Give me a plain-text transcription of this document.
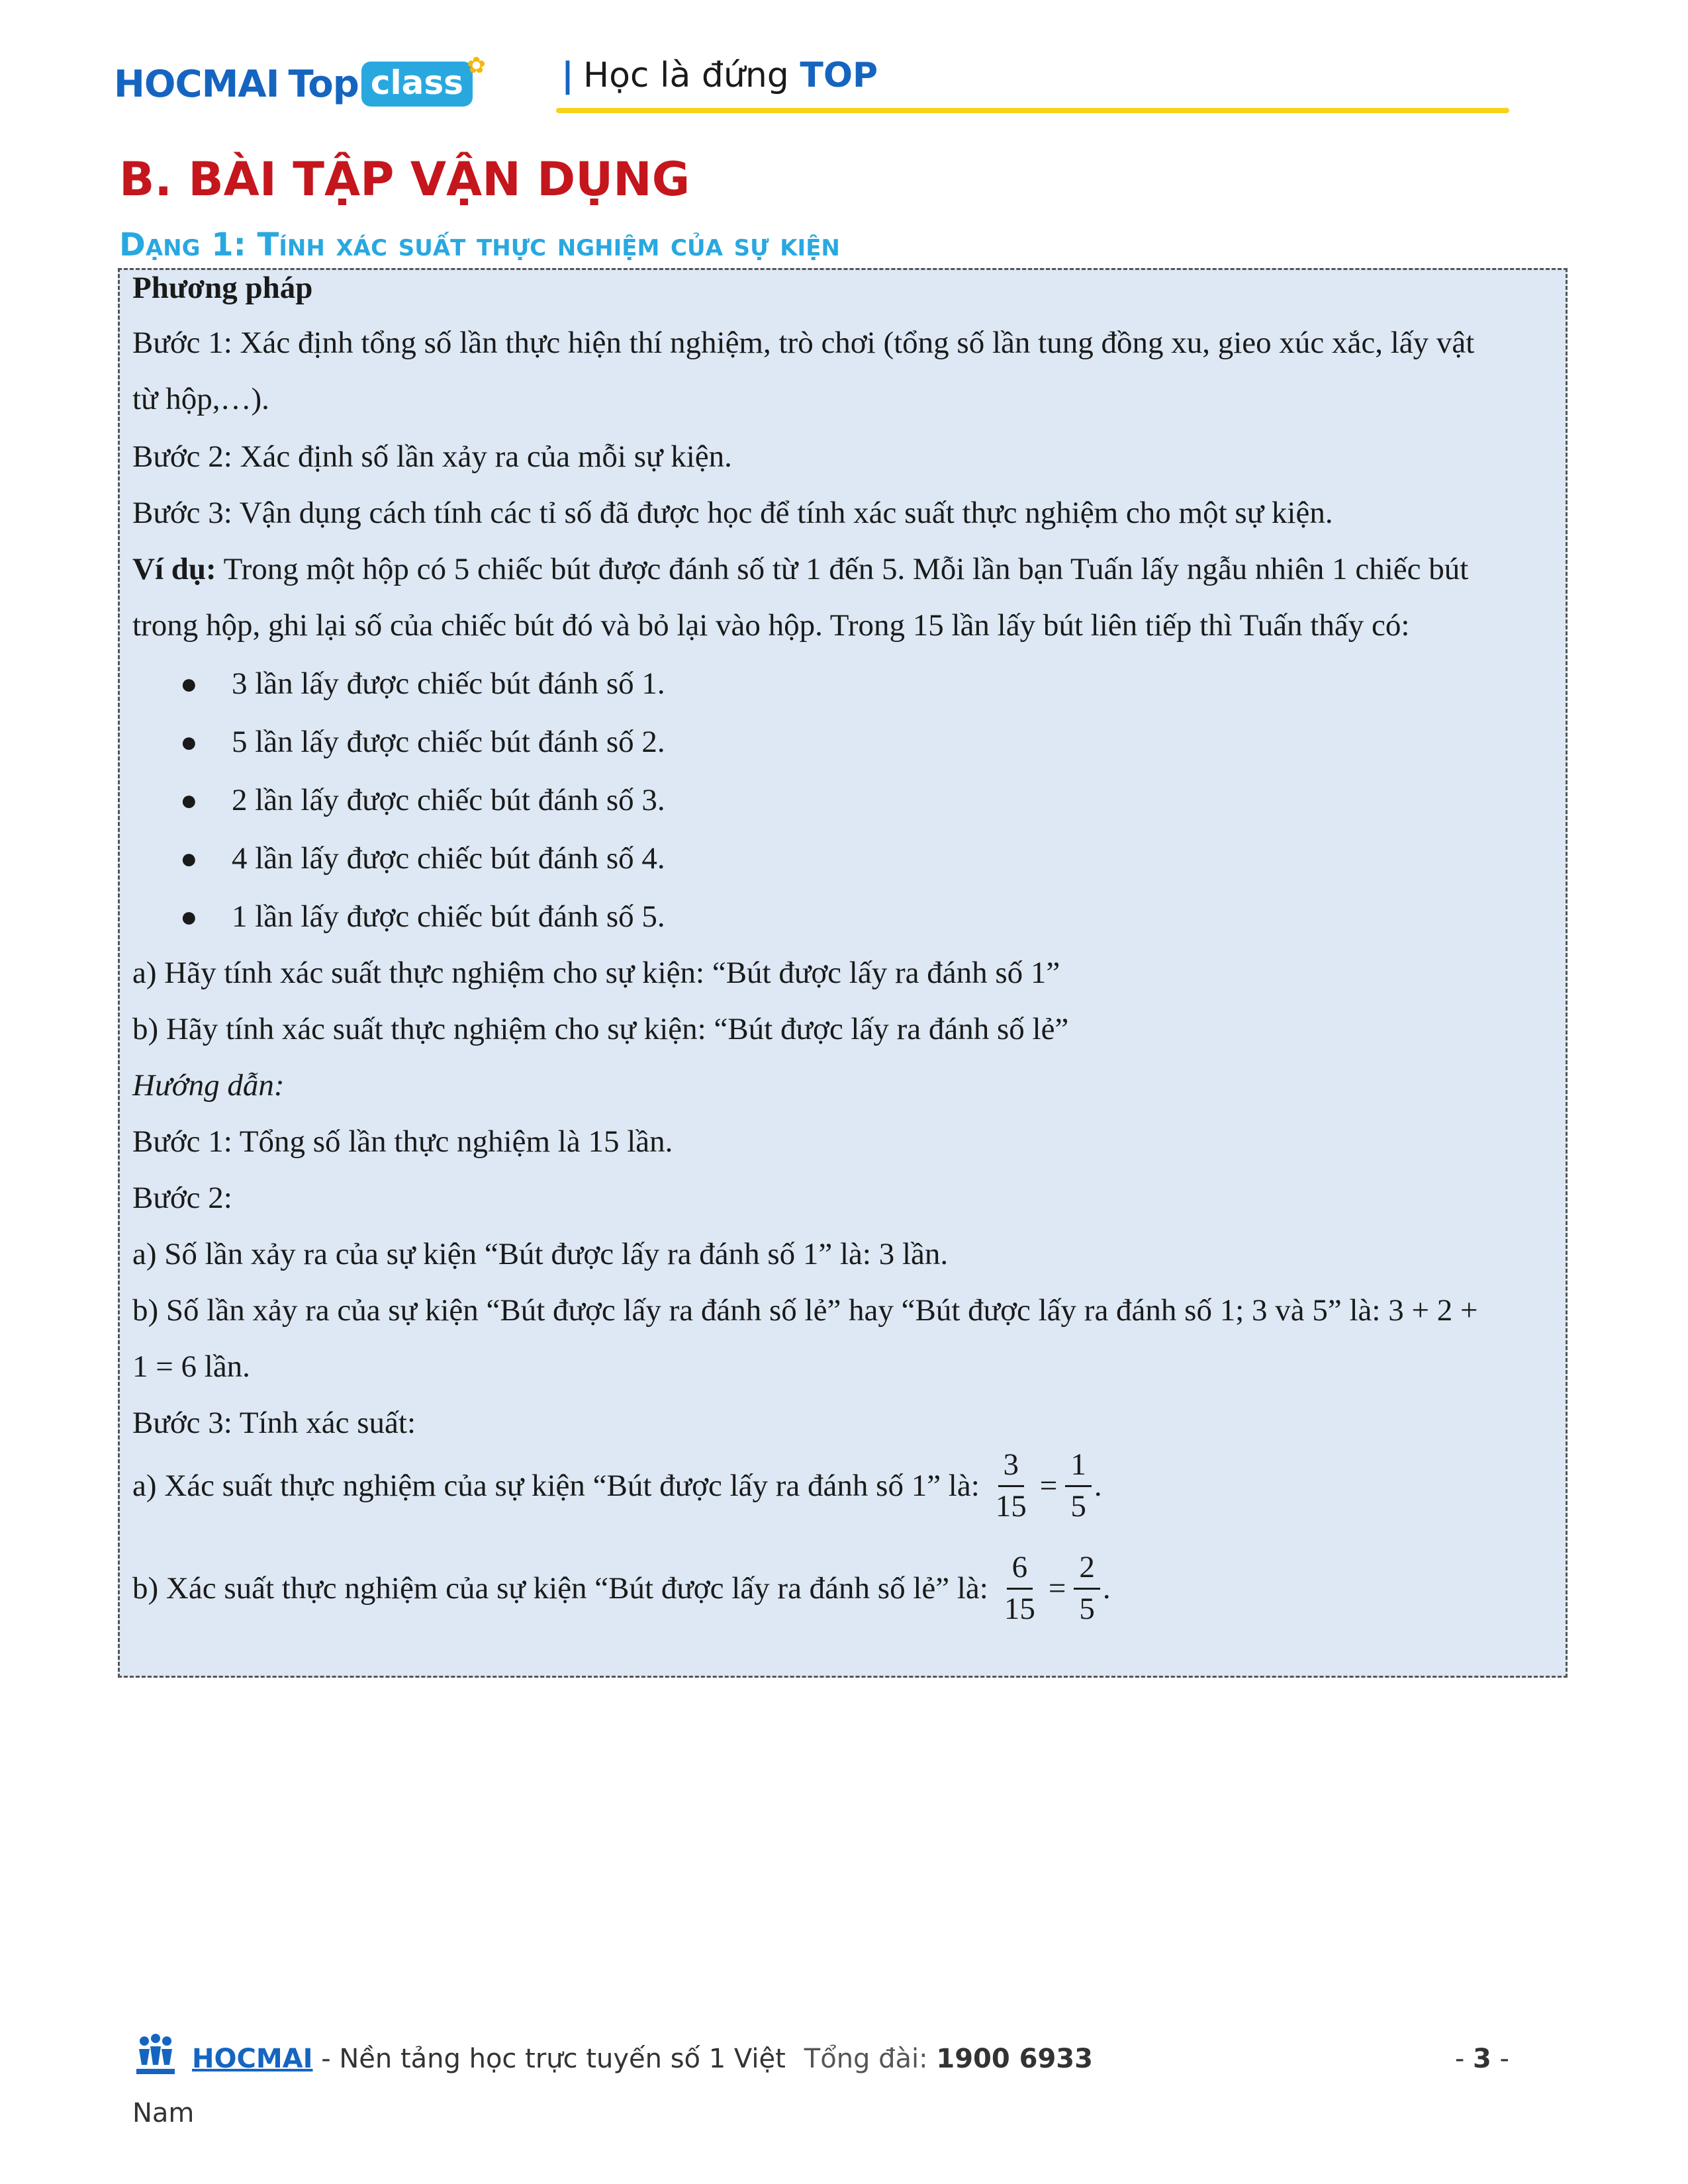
HOCMAI Top class ✿ | Học là đứng TOP
B. BÀI TẬP VẬN DỤNG
Dạng 1: Tính xác suất thực nghiệm của sự kiện
Phương pháp
Bước 1: Xác định tổng số lần thực hiện thí nghiệm, trò chơi (tổng số lần tung đồng xu, gieo xúc xắc, lấy vật
từ hộp,…).
Bước 2: Xác định số lần xảy ra của mỗi sự kiện.
Bước 3: Vận dụng cách tính các tỉ số đã được học để tính xác suất thực nghiệm cho một sự kiện.
Ví dụ: Trong một hộp có 5 chiếc bút được đánh số từ 1 đến 5. Mỗi lần bạn Tuấn lấy ngẫu nhiên 1 chiếc bút
trong hộp, ghi lại số của chiếc bút đó và bỏ lại vào hộp. Trong 15 lần lấy bút liên tiếp thì Tuấn thấy có:
● 3 lần lấy được chiếc bút đánh số 1.
● 5 lần lấy được chiếc bút đánh số 2.
● 2 lần lấy được chiếc bút đánh số 3.
● 4 lần lấy được chiếc bút đánh số 4.
● 1 lần lấy được chiếc bút đánh số 5.
a) Hãy tính xác suất thực nghiệm cho sự kiện: “Bút được lấy ra đánh số 1”
b) Hãy tính xác suất thực nghiệm cho sự kiện: “Bút được lấy ra đánh số lẻ”
Hướng dẫn:
Bước 1: Tổng số lần thực nghiệm là 15 lần.
Bước 2:
a) Số lần xảy ra của sự kiện “Bút được lấy ra đánh số 1” là: 3 lần.
b) Số lần xảy ra của sự kiện “Bút được lấy ra đánh số lẻ” hay “Bút được lấy ra đánh số 1; 3 và 5” là: 3 + 2 +
1 = 6 lần.
Bước 3: Tính xác suất:
a) Xác suất thực nghiệm của sự kiện “Bút được lấy ra đánh số 1” là: $\frac{3}{15} = \frac{1}{5}$ .
b) Xác suất thực nghiệm của sự kiện “Bút được lấy ra đánh số lẻ” là: $\frac{6}{15} = \frac{2}{5}$ .
HOCMAI - Nền tảng học trực tuyến số 1 Việt Tổng đài: 1900 6933	- 3 -
Nam
